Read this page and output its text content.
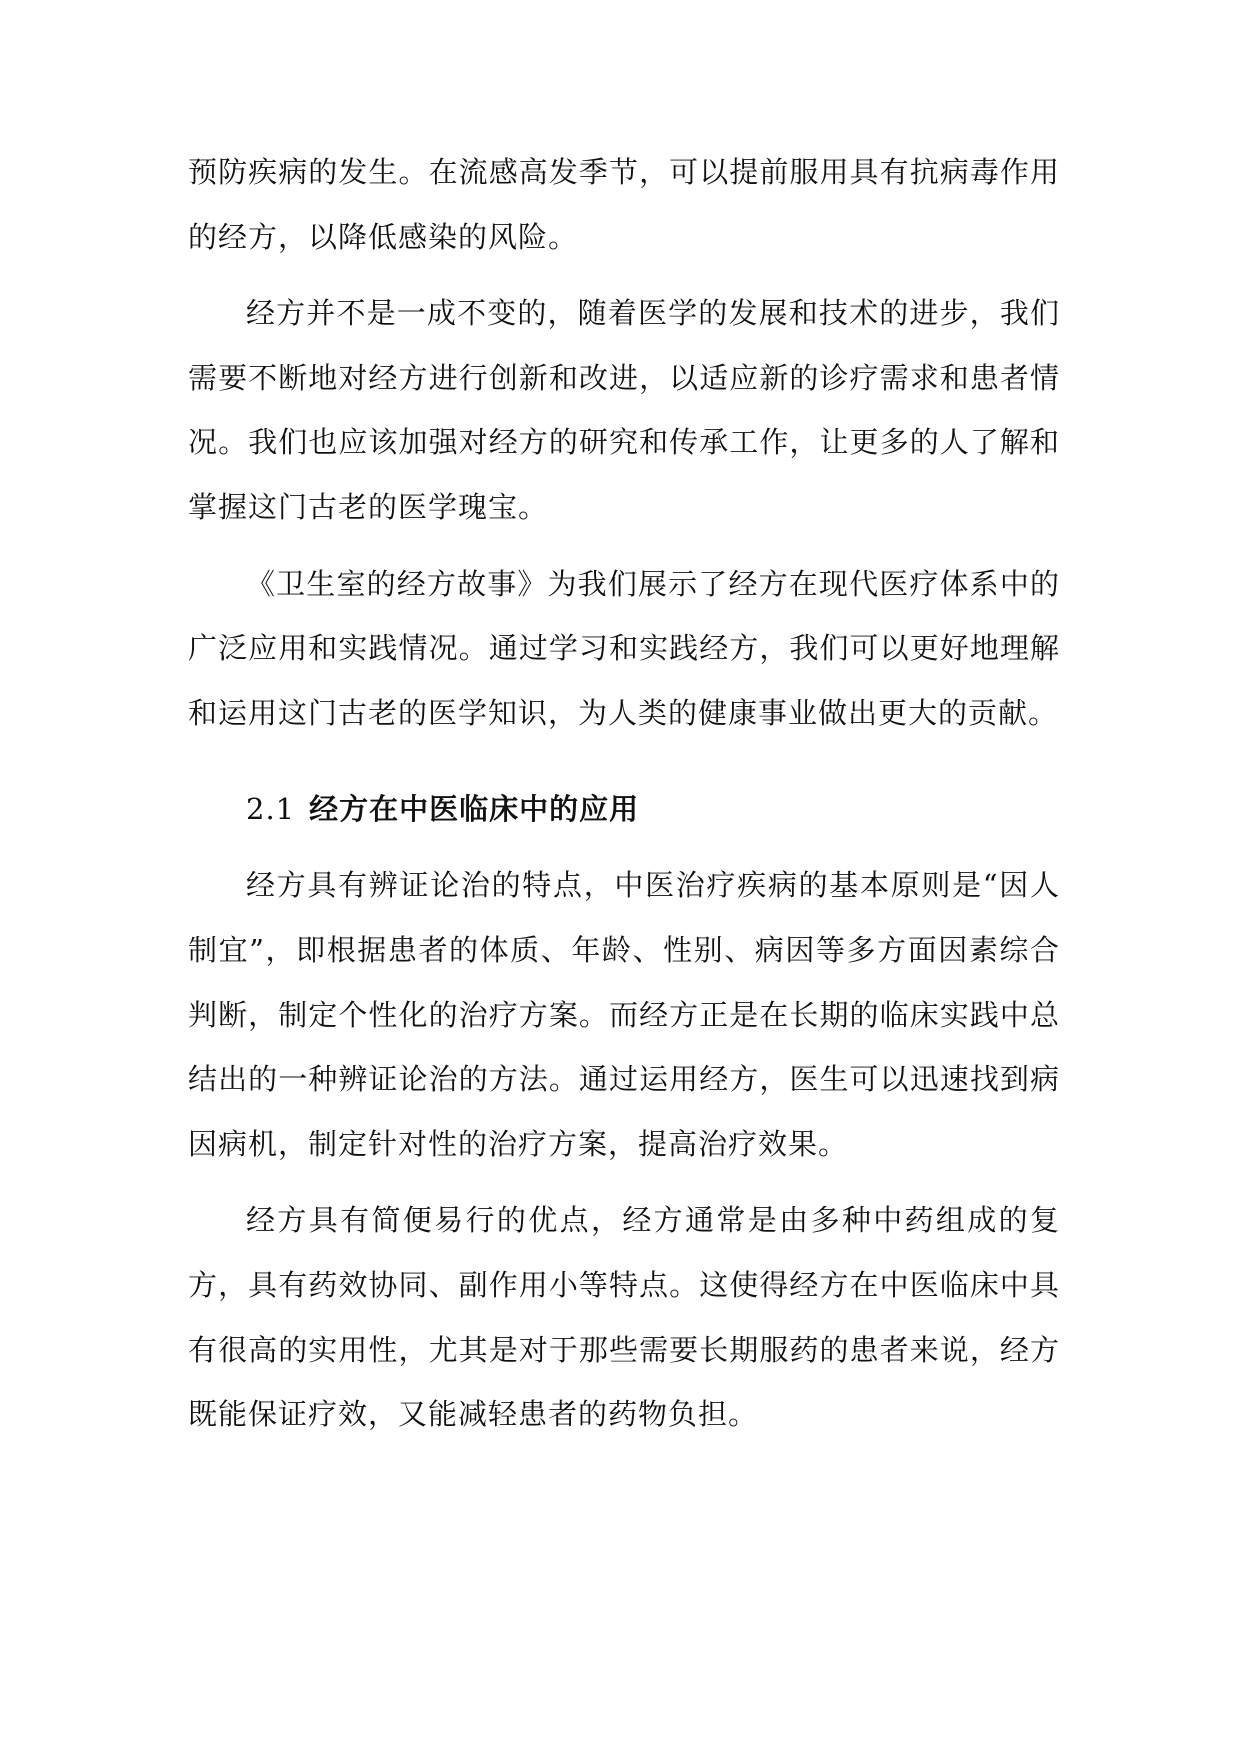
预防疾病的发生。在流感高发季节，可以提前服用具有抗病毒作用的经方，以降低感染的风险。

经方并不是一成不变的，随着医学的发展和技术的进步，我们需要不断地对经方进行创新和改进，以适应新的诊疗需求和患者情况。我们也应该加强对经方的研究和传承工作，让更多的人了解和掌握这门古老的医学瑰宝。

《卫生室的经方故事》为我们展示了经方在现代医疗体系中的广泛应用和实践情况。通过学习和实践经方，我们可以更好地理解和运用这门古老的医学知识，为人类的健康事业做出更大的贡献。

2.1 经方在中医临床中的应用

经方具有辨证论治的特点，中医治疗疾病的基本原则是“因人制宜”，即根据患者的体质、年龄、性别、病因等多方面因素综合判断，制定个性化的治疗方案。而经方正是在长期的临床实践中总结出的一种辨证论治的方法。通过运用经方，医生可以迅速找到病因病机，制定针对性的治疗方案，提高治疗效果。

经方具有简便易行的优点，经方通常是由多种中药组成的复方，具有药效协同、副作用小等特点。这使得经方在中医临床中具有很高的实用性，尤其是对于那些需要长期服药的患者来说，经方既能保证疗效，又能减轻患者的药物负担。
